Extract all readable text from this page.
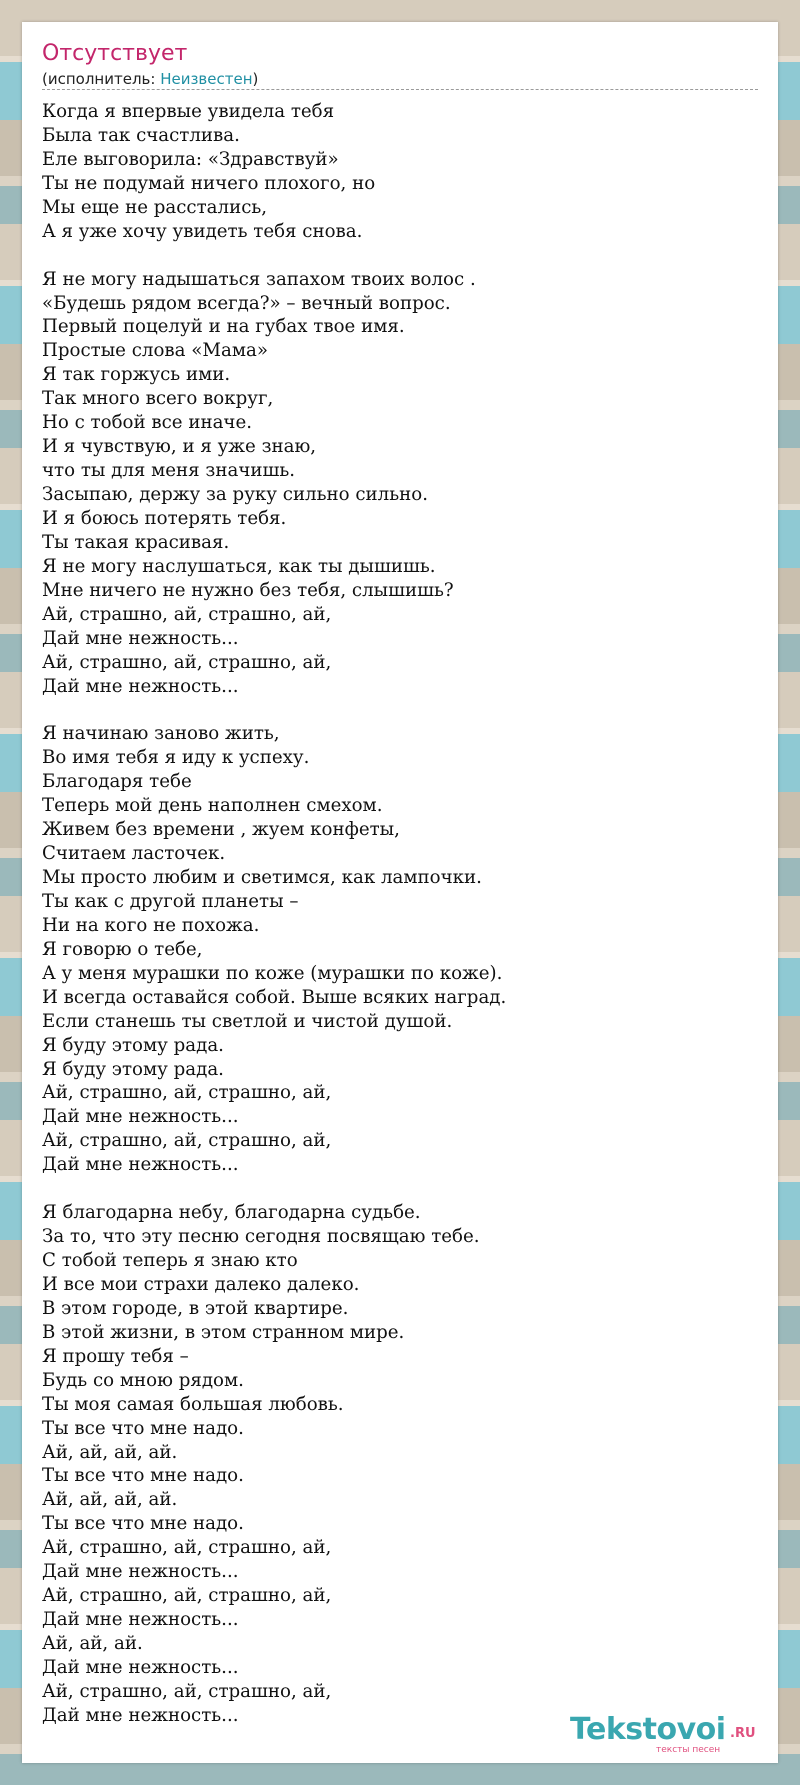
Отсутствует
(исполнитель: Неизвестен)
Когда я впервые увидела тебя
Была так счастлива.
Еле выговорила: «Здравствуй»
Ты не подумай ничего плохого, но
Мы еще не расстались,
А я уже хочу увидеть тебя снова.
Я не могу надышаться запахом твоих волос .
«Будешь рядом всегда?» – вечный вопрос.
Первый поцелуй и на губах твое имя.
Простые слова «Мама»
Я так горжусь ими.
Так много всего вокруг,
Но с тобой все иначе.
И я чувствую, и я уже знаю,
что ты для меня значишь.
Засыпаю, держу за руку сильно сильно.
И я боюсь потерять тебя.
Ты такая красивая.
Я не могу наслушаться, как ты дышишь.
Мне ничего не нужно без тебя, слышишь?
Ай, страшно, ай, страшно, ай,
Дай мне нежность...
Ай, страшно, ай, страшно, ай,
Дай мне нежность...
Я начинаю заново жить,
Во имя тебя я иду к успеху.
Благодаря тебе
Теперь мой день наполнен смехом.
Живем без времени , жуем конфеты,
Считаем ласточек.
Мы просто любим и светимся, как лампочки.
Ты как с другой планеты –
Ни на кого не похожа.
Я говорю о тебе,
А у меня мурашки по коже (мурашки по коже).
И всегда оставайся собой. Выше всяких наград.
Если станешь ты светлой и чистой душой.
Я буду этому рада.
Я буду этому рада.
Ай, страшно, ай, страшно, ай,
Дай мне нежность...
Ай, страшно, ай, страшно, ай,
Дай мне нежность...
Я благодарна небу, благодарна судьбе.
За то, что эту песню сегодня посвящаю тебе.
С тобой теперь я знаю кто
И все мои страхи далеко далеко.
В этом городе, в этой квартире.
В этой жизни, в этом странном мире.
Я прошу тебя –
Будь со мною рядом.
Ты моя самая большая любовь.
Ты все что мне надо.
Ай, ай, ай, ай.
Ты все что мне надо.
Ай, ай, ай, ай.
Ты все что мне надо.
Ай, страшно, ай, страшно, ай,
Дай мне нежность...
Ай, страшно, ай, страшно, ай,
Дай мне нежность...
Ай, ай, ай.
Дай мне нежность...
Ай, страшно, ай, страшно, ай,
Дай мне нежность...	Tekstovoi .RU
тексты песен
